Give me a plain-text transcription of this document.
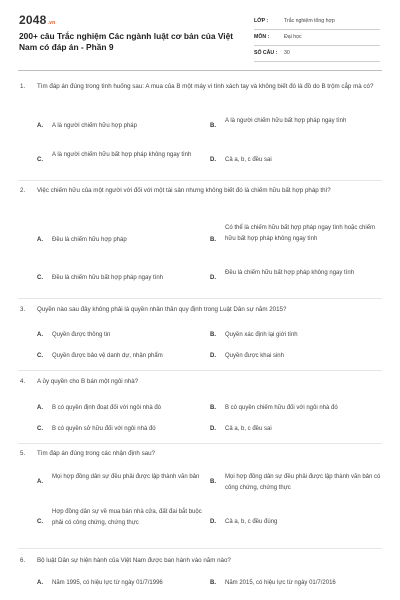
2048.vn
200+ câu Trắc nghiệm Các ngành luật cơ bản của Việt Nam có đáp án - Phần 9
LỚP :	Trắc nghiệm tổng hợp
MÔN :	Đại học
SỐ CÂU : 30
1. Tìm đáp án đúng trong tình huống sau: A mua của B một máy vi tính xách tay và không biết đó là đồ do B trộm cắp mà có?
A. A là người chiếm hữu hợp pháp	B.
A là người chiếm hữu bất hợp pháp ngay tình
C.
A là người chiếm hữu bất hợp pháp không ngay tình
D. Cả a, b, c đều sai
2. Việc chiếm hữu của một người với đối với một tài sản nhưng không biết đó là chiếm hữu bất hợp pháp thì?
A. Đều là chiếm hữu hợp pháp	B.
Có thể là chiếm hữu bất hợp pháp ngay tình hoặc chiếm hữu bất hợp pháp không ngay tình
C. Đều là chiếm hữu bất hợp pháp ngay tình	D.
Đều là chiếm hữu bất hợp pháp không ngay tình
3. Quyền nào sau đây không phải là quyền nhân thân quy định trong Luật Dân sự năm 2015?
A. Quyền được thông tin	B. Quyền xác định lại giới tính
C. Quyền được bảo vệ danh dự, nhân phẩm	D. Quyền được khai sinh
4. A ủy quyền cho B bán một ngôi nhà?
A. B có quyền định đoạt đối với ngôi nhà đó	B. B có quyền chiếm hữu đối với ngôi nhà đó
C. B có quyền sở hữu đối với ngôi nhà đó	D. Cả a, b, c đều sai
5. Tìm đáp án đúng trong các nhận định sau?
A.
Mọi hợp đồng dân sự đều phải được lập thành văn bản
B.
Mọi hợp đồng dân sự đều phải được lập thành văn bản có công chứng, chứng thực
C.
Hợp đồng dân sự về mua bán nhà cửa, đất đai bắt buộc phải có công chứng, chứng thực	D. Cả a, b, c đều đúng
6. Bộ luật Dân sự hiện hành của Việt Nam được ban hành vào năm nào?
A. Năm 1995, có hiệu lực từ ngày 01/7/1996	B. Năm 2015, có hiệu lực từ ngày 01/7/2016
